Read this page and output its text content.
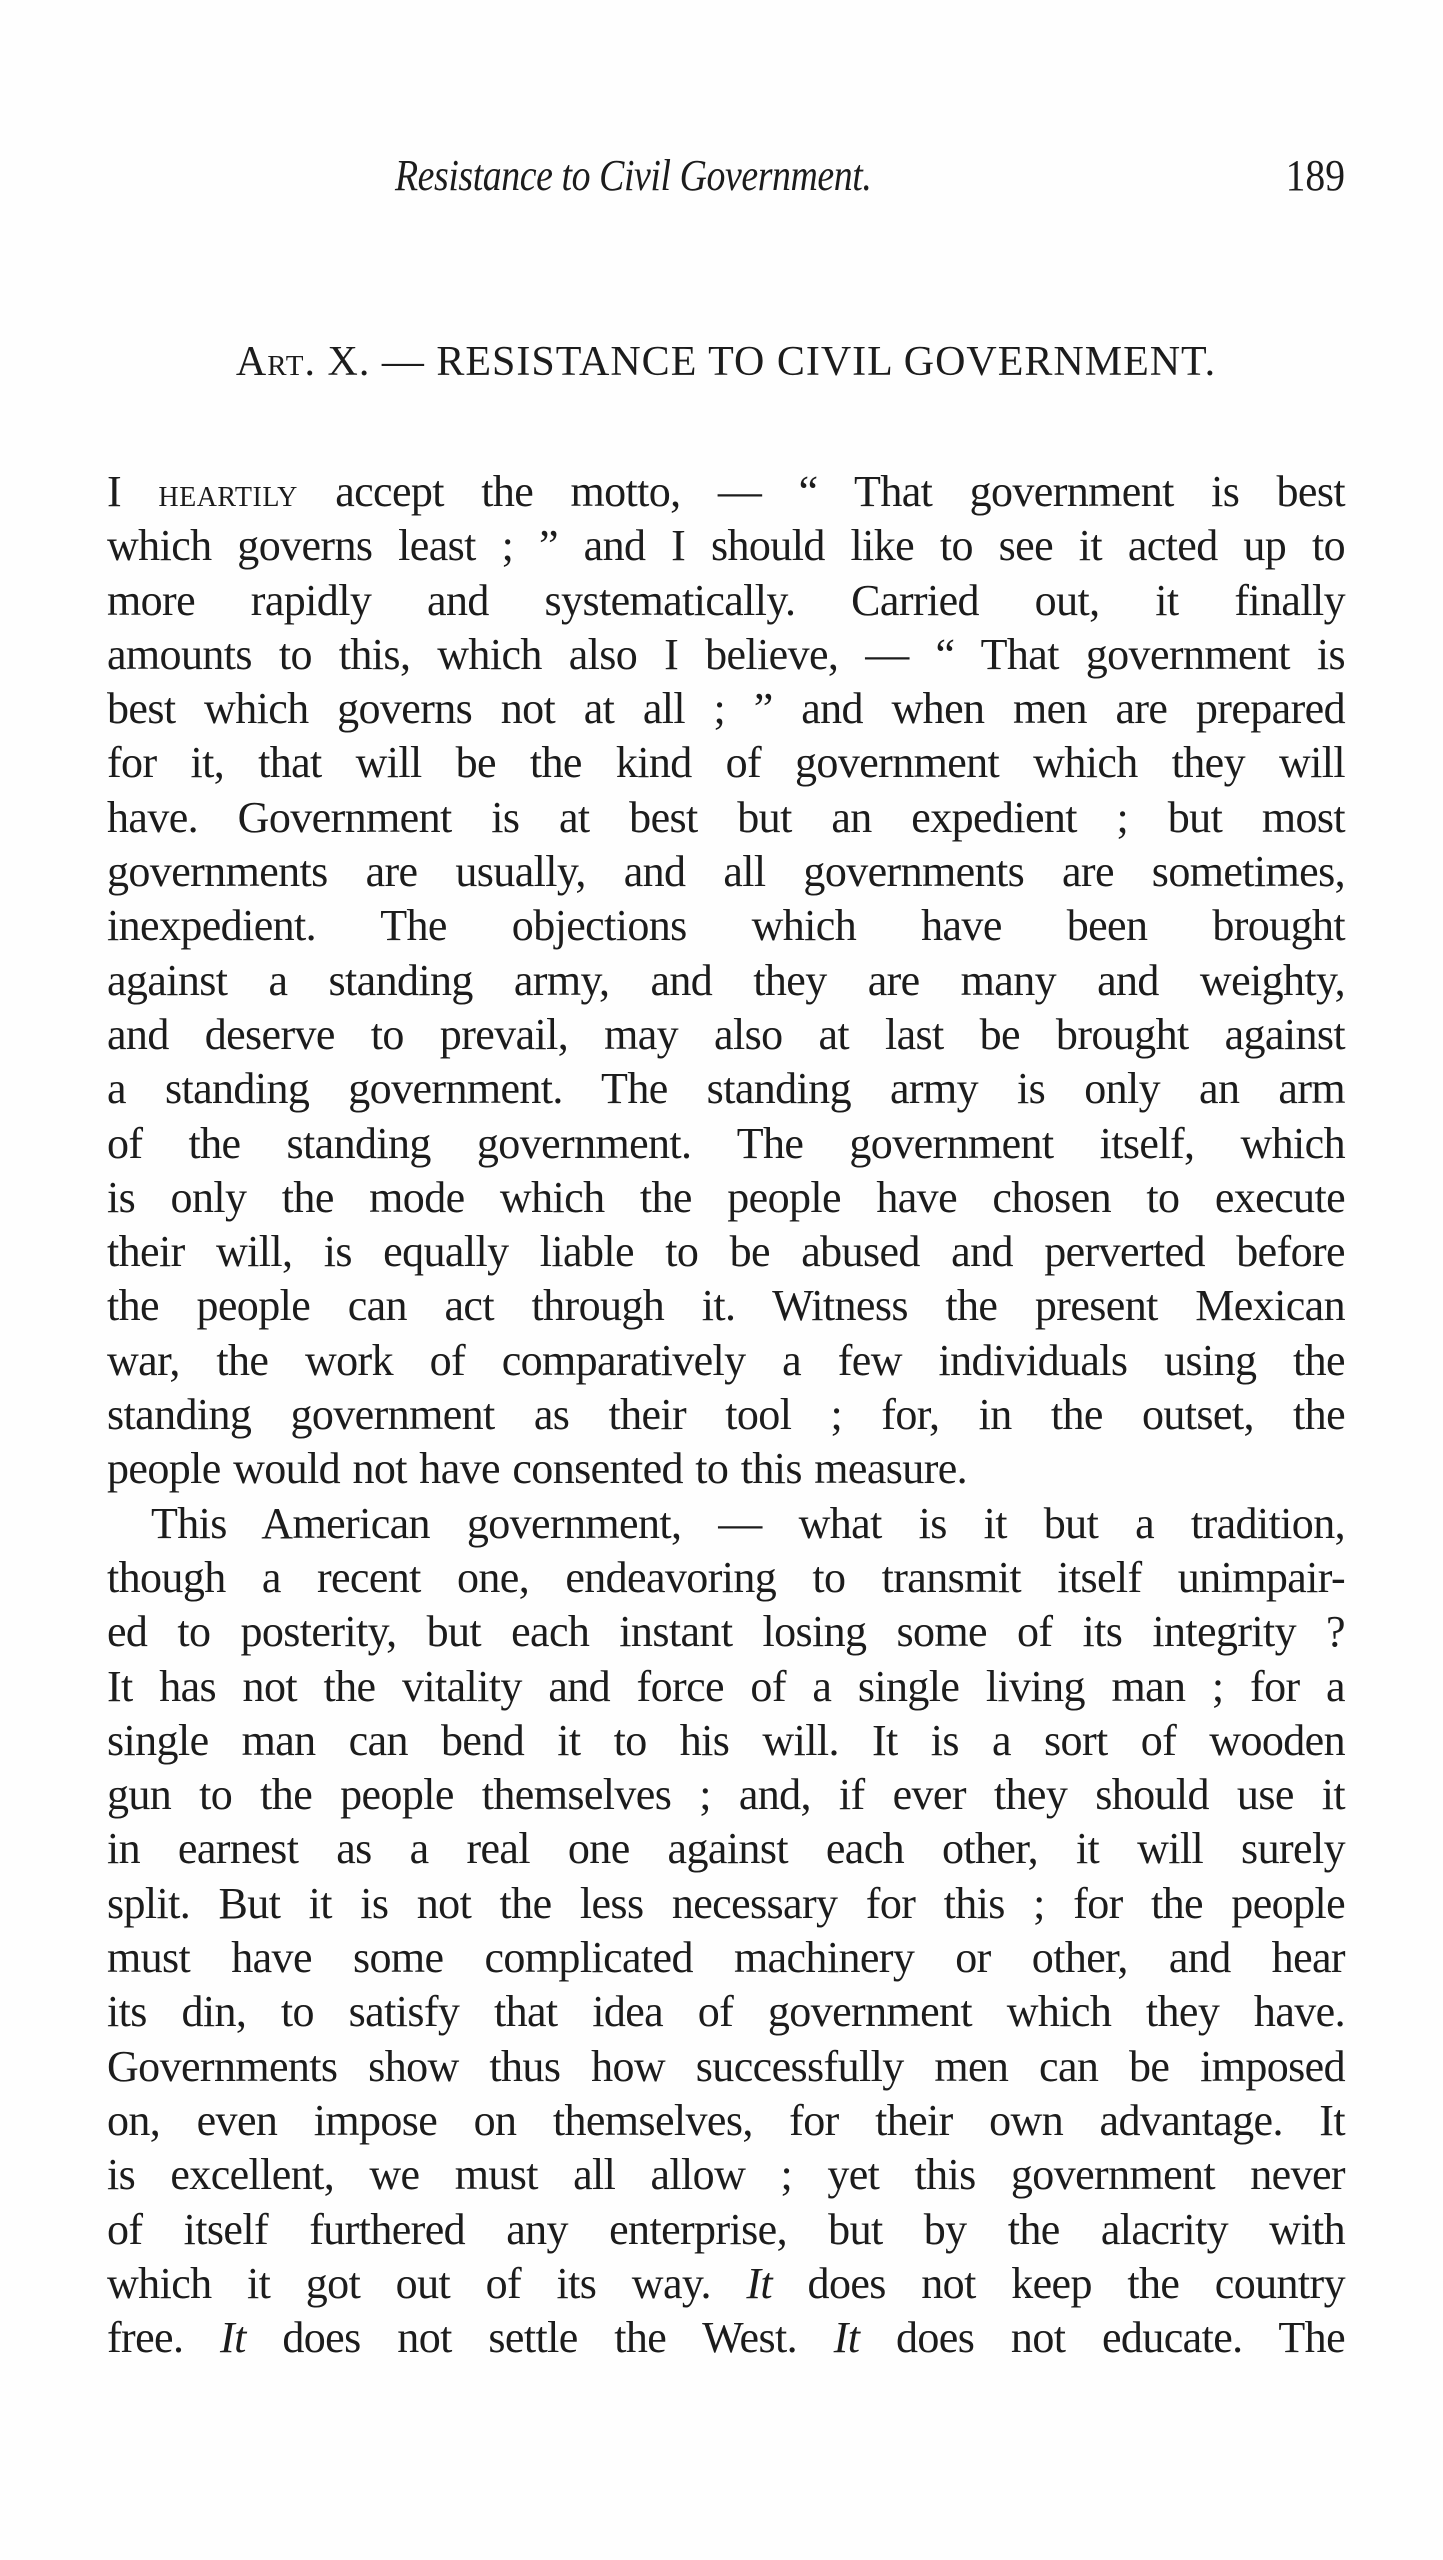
Resistance to Civil Government.	189
Art. X. — RESISTANCE TO CIVIL GOVERNMENT.
I heartily accept the motto, — “ That government is best
which governs least ; ” and I should like to see it acted up to
more rapidly and systematically. Carried out, it finally
amounts to this, which also I believe, — “ That government is
best which governs not at all ; ” and when men are prepared
for it, that will be the kind of government which they will
have. Government is at best but an expedient ; but most
governments are usually, and all governments are sometimes,
inexpedient. The objections which have been brought
against a standing army, and they are many and weighty,
and deserve to prevail, may also at last be brought against
a standing government. The standing army is only an arm
of the standing government. The government itself, which
is only the mode which the people have chosen to execute
their will, is equally liable to be abused and perverted before
the people can act through it. Witness the present Mexican
war, the work of comparatively a few individuals using the
standing government as their tool ; for, in the outset, the
people would not have consented to this measure.
This American government, — what is it but a tradition,
though a recent one, endeavoring to transmit itself unimpair-
ed to posterity, but each instant losing some of its integrity ?
It has not the vitality and force of a single living man ; for a
single man can bend it to his will. It is a sort of wooden
gun to the people themselves ; and, if ever they should use it
in earnest as a real one against each other, it will surely
split. But it is not the less necessary for this ; for the people
must have some complicated machinery or other, and hear
its din, to satisfy that idea of government which they have.
Governments show thus how successfully men can be imposed
on, even impose on themselves, for their own advantage. It
is excellent, we must all allow ; yet this government never
of itself furthered any enterprise, but by the alacrity with
which it got out of its way. It does not keep the country
free. It does not settle the West. It does not educate. The
